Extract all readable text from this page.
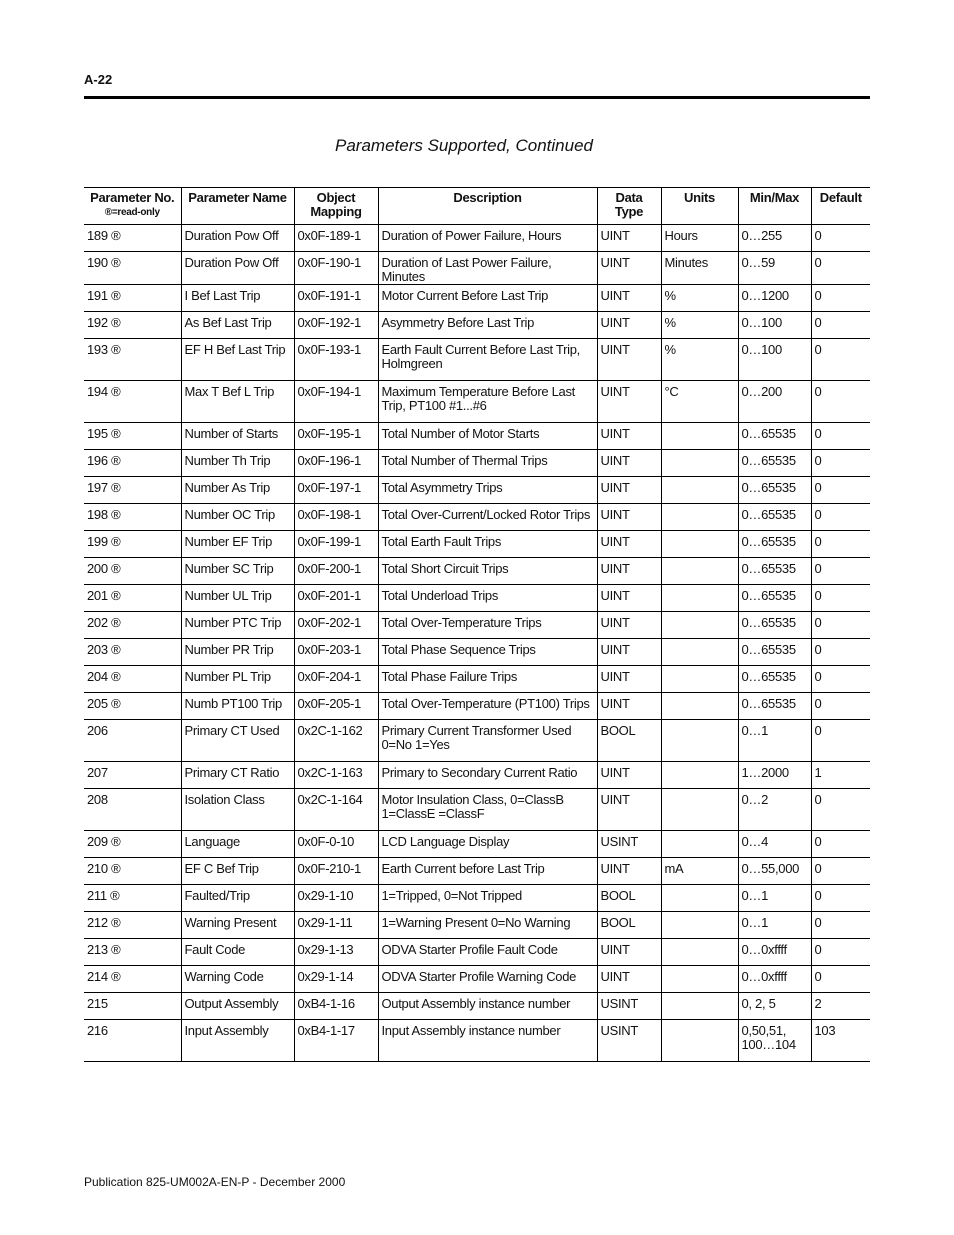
A-22
Parameters Supported, Continued
Parameter No.
®=read-only	Parameter Name	Object Mapping	Description	Data Type	Units	Min/Max	Default
189 ®	Duration Pow Off	0x0F-189-1	Duration of Power Failure, Hours	UINT	Hours	0…255	0
190 ®	Duration Pow Off	0x0F-190-1	Duration of Last Power Failure, Minutes	UINT	Minutes	0…59	0
191 ®	I Bef Last Trip	0x0F-191-1	Motor Current Before Last Trip	UINT	%	0…1200	0
192 ®	As Bef Last Trip	0x0F-192-1	Asymmetry Before Last Trip	UINT	%	0…100	0
193 ®	EF H Bef Last Trip	0x0F-193-1	Earth Fault Current Before Last Trip, Holmgreen	UINT	%	0…100	0
194 ®	Max T Bef L Trip	0x0F-194-1	Maximum Temperature Before Last Trip, PT100 #1...#6	UINT	°C	0…200	0
195 ®	Number of Starts	0x0F-195-1	Total Number of Motor Starts	UINT		0…65535	0
196 ®	Number Th Trip	0x0F-196-1	Total Number of Thermal Trips	UINT		0…65535	0
197 ®	Number As Trip	0x0F-197-1	Total Asymmetry Trips	UINT		0…65535	0
198 ®	Number OC Trip	0x0F-198-1	Total Over-Current/Locked Rotor Trips	UINT		0…65535	0
199 ®	Number EF Trip	0x0F-199-1	Total Earth Fault Trips	UINT		0…65535	0
200 ®	Number SC Trip	0x0F-200-1	Total Short Circuit Trips	UINT		0…65535	0
201 ®	Number UL Trip	0x0F-201-1	Total Underload Trips	UINT		0…65535	0
202 ®	Number PTC Trip	0x0F-202-1	Total Over-Temperature Trips	UINT		0…65535	0
203 ®	Number PR Trip	0x0F-203-1	Total Phase Sequence Trips	UINT		0…65535	0
204 ®	Number PL Trip	0x0F-204-1	Total Phase Failure Trips	UINT		0…65535	0
205 ®	Numb PT100 Trip	0x0F-205-1	Total Over-Temperature (PT100) Trips	UINT		0…65535	0
206	Primary CT Used	0x2C-1-162	Primary Current Transformer Used
0=No 1=Yes	BOOL		0…1	0
207	Primary CT Ratio	0x2C-1-163	Primary to Secondary Current Ratio	UINT		1…2000	1
208	Isolation Class	0x2C-1-164	Motor Insulation Class, 0=ClassB
1=ClassE =ClassF	UINT		0…2	0
209 ®	Language	0x0F-0-10	LCD Language Display	USINT		0…4	0
210 ®	EF C Bef Trip	0x0F-210-1	Earth Current before Last Trip	UINT	mA	0…55,000	0
211 ®	Faulted/Trip	0x29-1-10	1=Tripped, 0=Not Tripped	BOOL		0…1	0
212 ®	Warning Present	0x29-1-11	1=Warning Present 0=No Warning	BOOL		0…1	0
213 ®	Fault Code	0x29-1-13	ODVA Starter Profile Fault Code	UINT		0…0xffff	0
214 ®	Warning Code	0x29-1-14	ODVA Starter Profile Warning Code	UINT		0…0xffff	0
215	Output Assembly	0xB4-1-16	Output Assembly instance number	USINT		0, 2, 5	2
216	Input Assembly	0xB4-1-17	Input Assembly instance number	USINT		0,50,51,
100…104	103
Publication 825-UM002A-EN-P - December 2000
